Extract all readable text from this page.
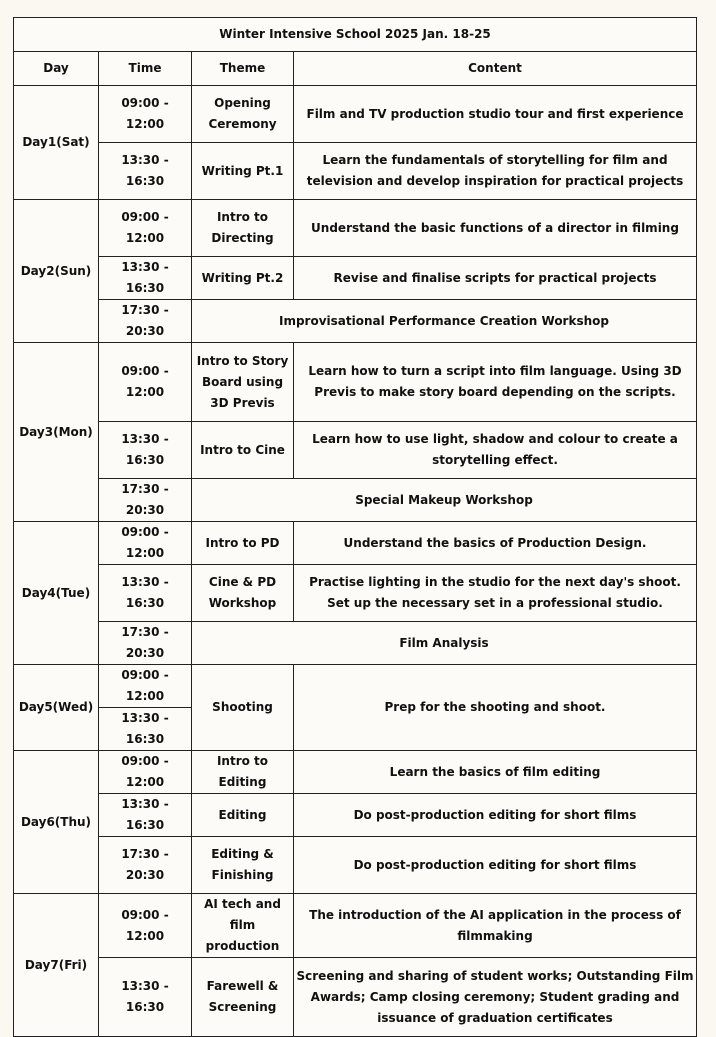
Winter Intensive School 2025 Jan. 18-25			
Day	Time	Theme	Content
Day1(Sat)	09:00 - 12:00	Opening Ceremony	Film and TV production studio tour and first experience
	13:30 - 16:30	Writing Pt.1	Learn the fundamentals of storytelling for film and television and develop inspiration for practical projects
Day2(Sun)	09:00 - 12:00	Intro to Directing	Understand the basic functions of a director in filming
	13:30 - 16:30	Writing Pt.2	Revise and finalise scripts for practical projects
	17:30 - 20:30	Improvisational Performance Creation Workshop	
Day3(Mon)	09:00 - 12:00	Intro to Story Board using 3D Previs	Learn how to turn a script into film language. Using 3D Previs to make story board depending on the scripts.
	13:30 - 16:30	Intro to Cine	Learn how to use light, shadow and colour to create a storytelling effect.
	17:30 - 20:30	Special Makeup Workshop	
Day4(Tue)	09:00 - 12:00	Intro to PD	Understand the basics of Production Design.
	13:30 - 16:30	Cine & PD Workshop	Practise lighting in the studio for the next day's shoot. Set up the necessary set in a professional studio.
	17:30 - 20:30	Film Analysis	
Day5(Wed)	09:00 - 12:00	Shooting	Prep for the shooting and shoot.
	13:30 - 16:30		
Day6(Thu)	09:00 - 12:00	Intro to Editing	Learn the basics of film editing
	13:30 - 16:30	Editing	Do post-production editing for short films
	17:30 - 20:30	Editing & Finishing	Do post-production editing for short films
Day7(Fri)	09:00 - 12:00	AI tech and film production	The introduction of the AI application in the process of filmmaking
	13:30 - 16:30	Farewell & Screening	Screening and sharing of student works; Outstanding Film Awards; Camp closing ceremony; Student grading and issuance of graduation certificates
